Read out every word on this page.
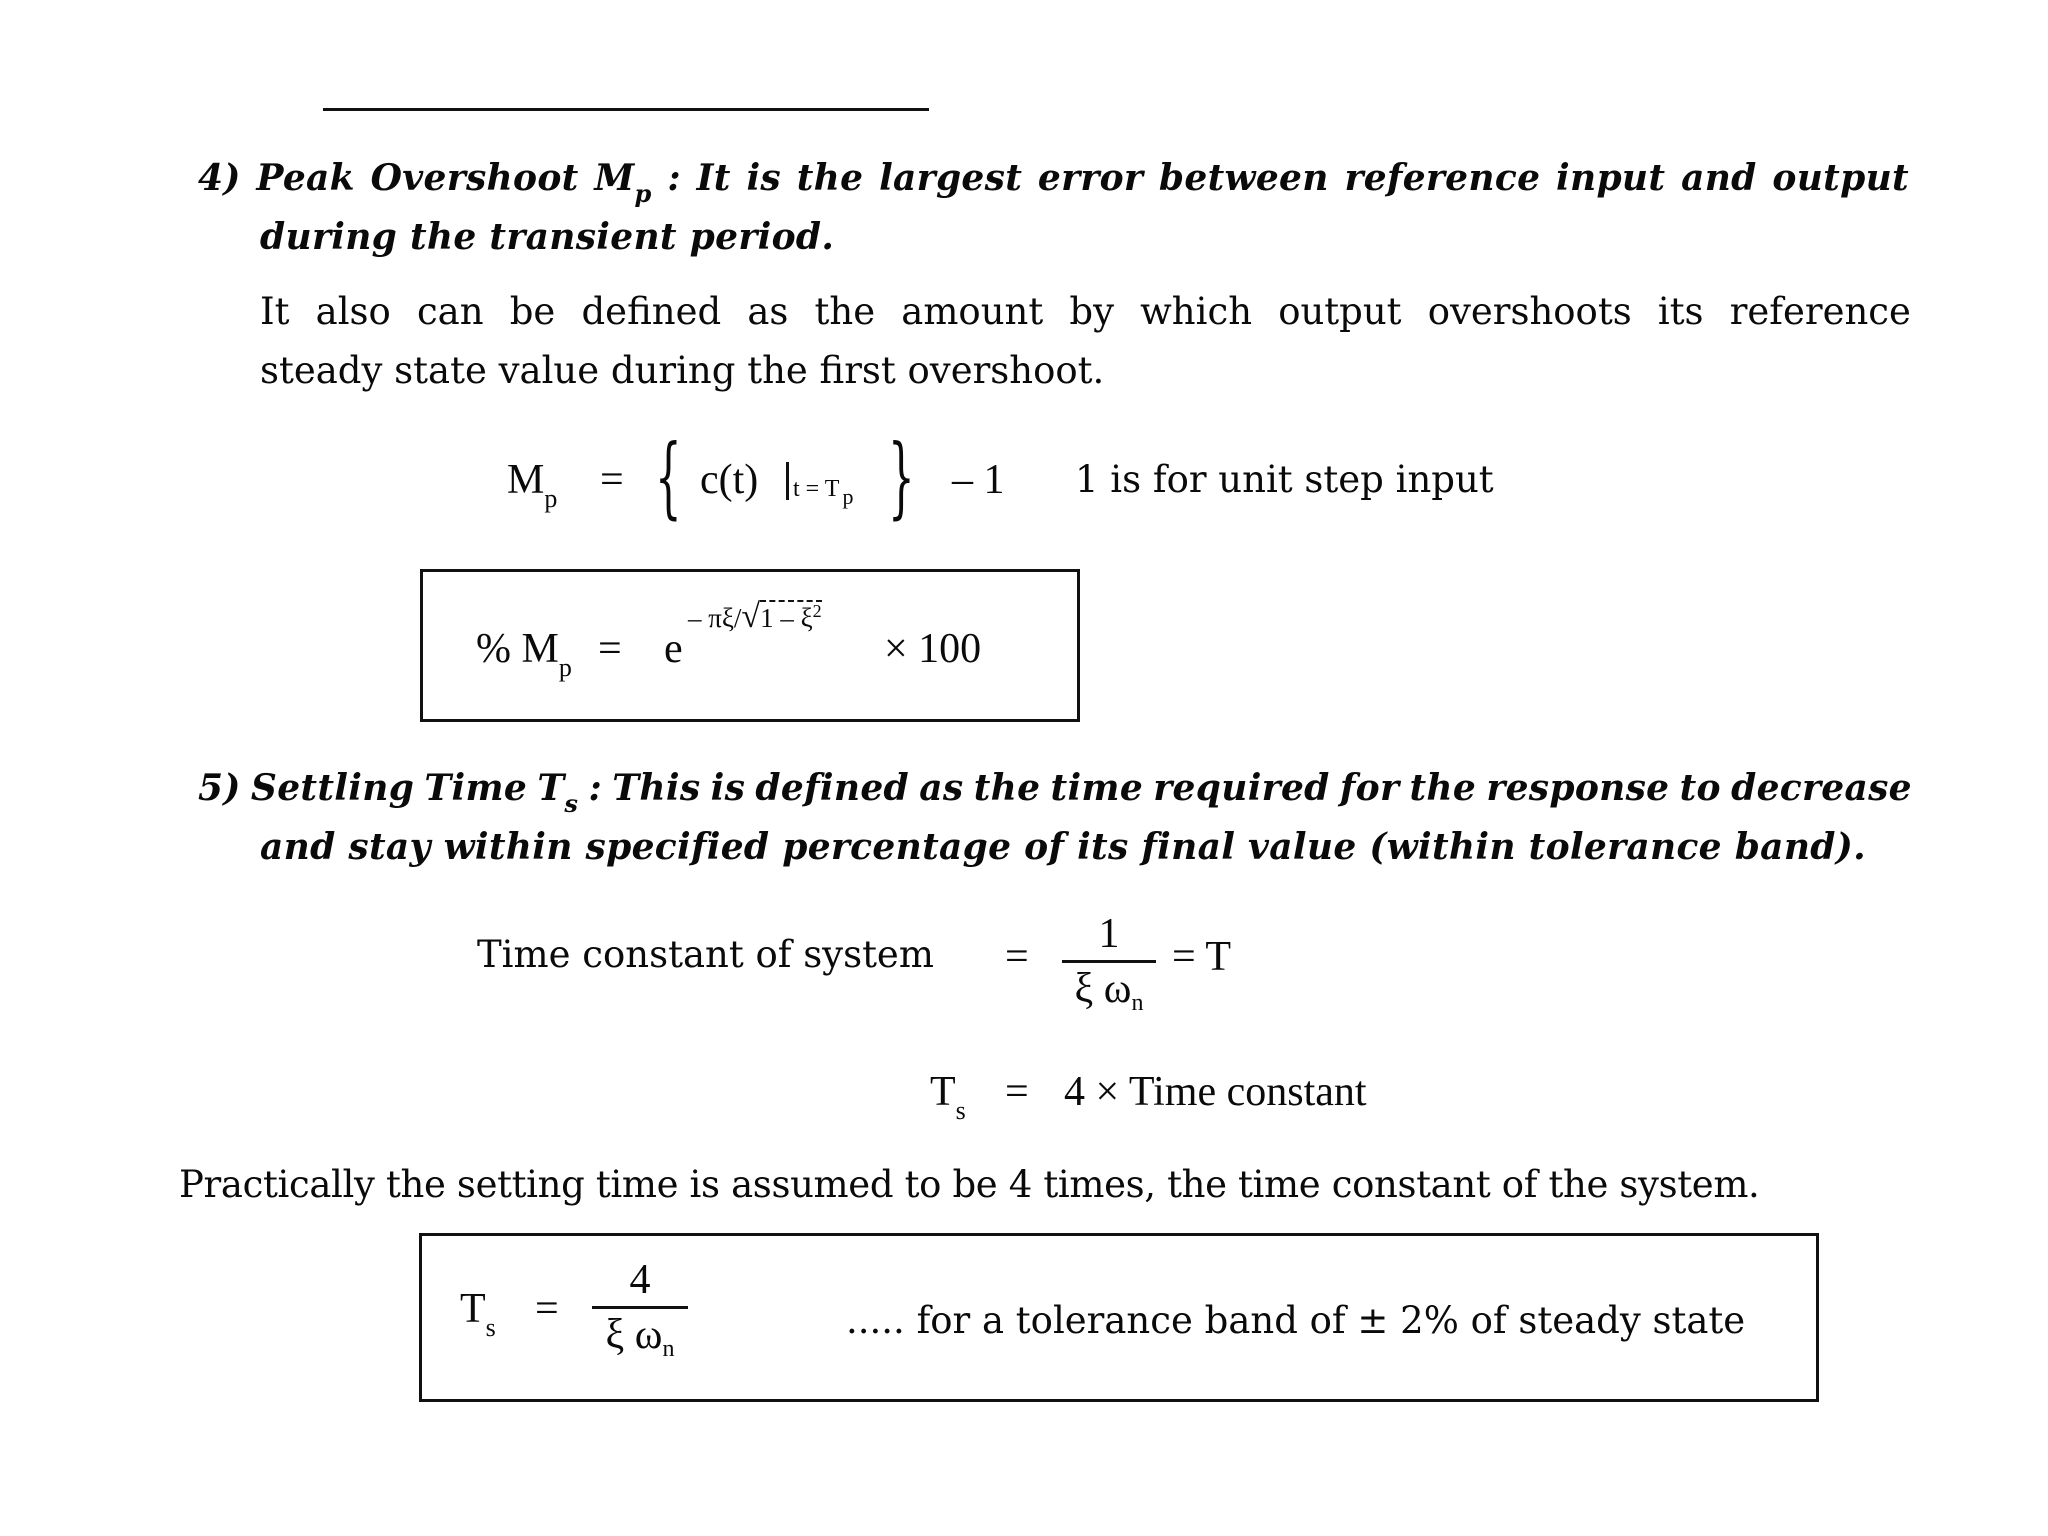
4) Peak Overshoot $M_p$ : It is the largest error between reference input and output
during the transient period.
It also can be defined as the amount by which output overshoots its reference
steady state value during the first overshoot.
$M_p$ = { c(t) t = T p } – 1 1 is for unit step input
% $M_p = e$
– $\pi\xi/√1 - \xi^2$
× 100
5) Settling Time $T_s$ : This is defined as the time required for the response to decrease
and stay within specified percentage of its final value (within tolerance band).
Time constant of system = 1
ξ ωn
= T
$T_s = 4$ × Time constant
Practically the setting time is assumed to be 4 times, the time constant of the system.
$T_s$ =
4
ξ ωn
..... for a tolerance band of ± 2% of steady state
